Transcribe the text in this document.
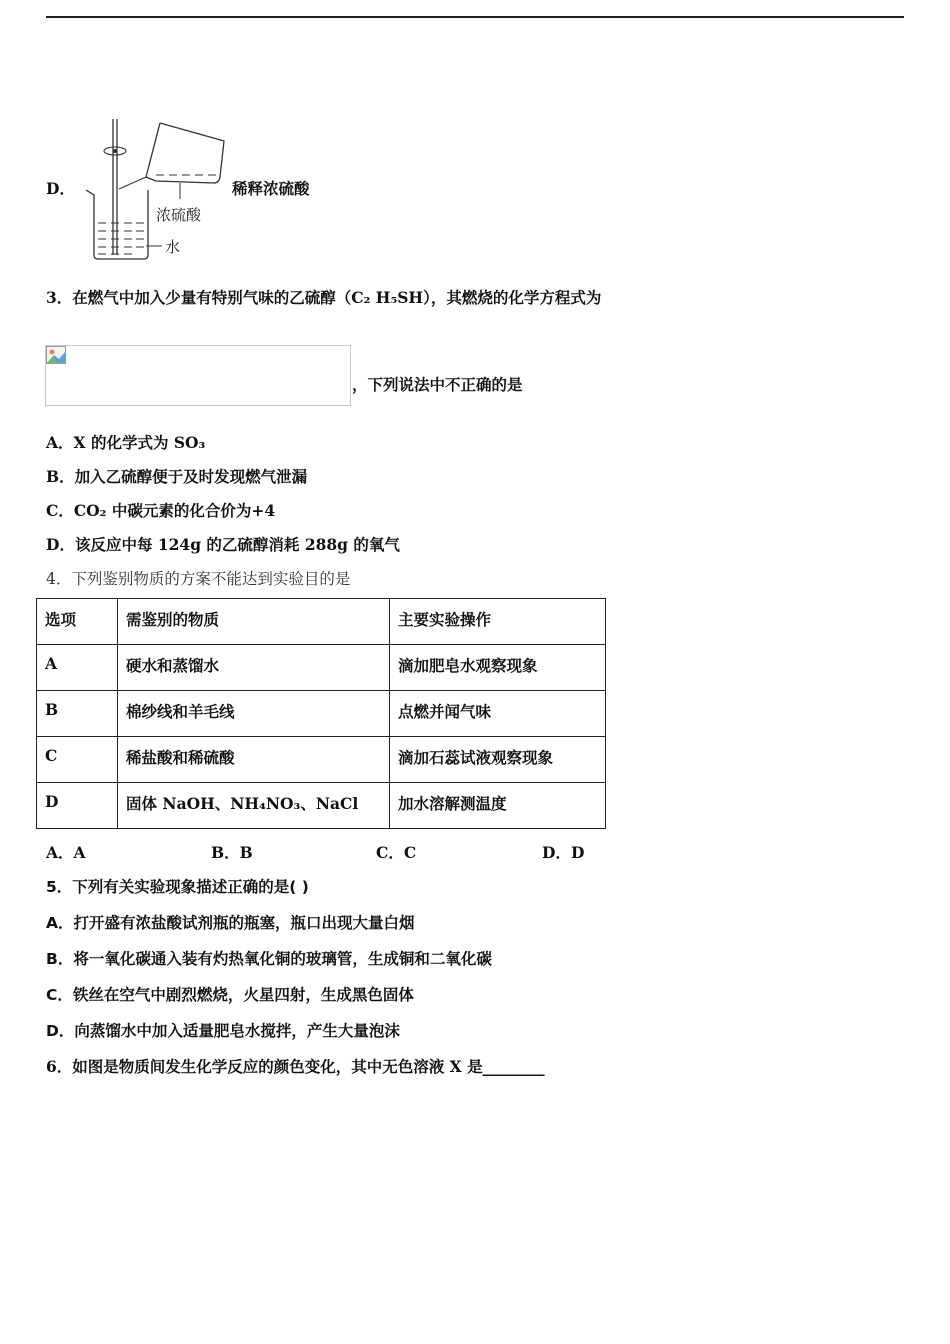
D．
浓硫酸
水
稀释浓硫酸
3．在燃气中加入少量有特别气味的乙硫醇（C₂ H₅SH），其燃烧的化学方程式为
，下列说法中不正确的是
A．X 的化学式为 SO₃
B．加入乙硫醇便于及时发现燃气泄漏
C．CO₂ 中碳元素的化合价为+4
D．该反应中每 124g 的乙硫醇消耗 288g 的氧气
4．下列鉴别物质的方案不能达到实验目的是
选项	需鉴别的物质	主要实验操作
A	硬水和蒸馏水	滴加肥皂水观察现象
B	棉纱线和羊毛线	点燃并闻气味
C	稀盐酸和稀硫酸	滴加石蕊试液观察现象
D	固体 NaOH、NH₄NO₃、NaCl	加水溶解测温度
A．A	B．B	C．C	D．D
5．下列有关实验现象描述正确的是( )
A．打开盛有浓盐酸试剂瓶的瓶塞，瓶口出现大量白烟
B．将一氧化碳通入装有灼热氧化铜的玻璃管，生成铜和二氧化碳
C．铁丝在空气中剧烈燃烧，火星四射，生成黑色固体
D．向蒸馏水中加入适量肥皂水搅拌，产生大量泡沫
6．如图是物质间发生化学反应的颜色变化，其中无色溶液 X 是________
